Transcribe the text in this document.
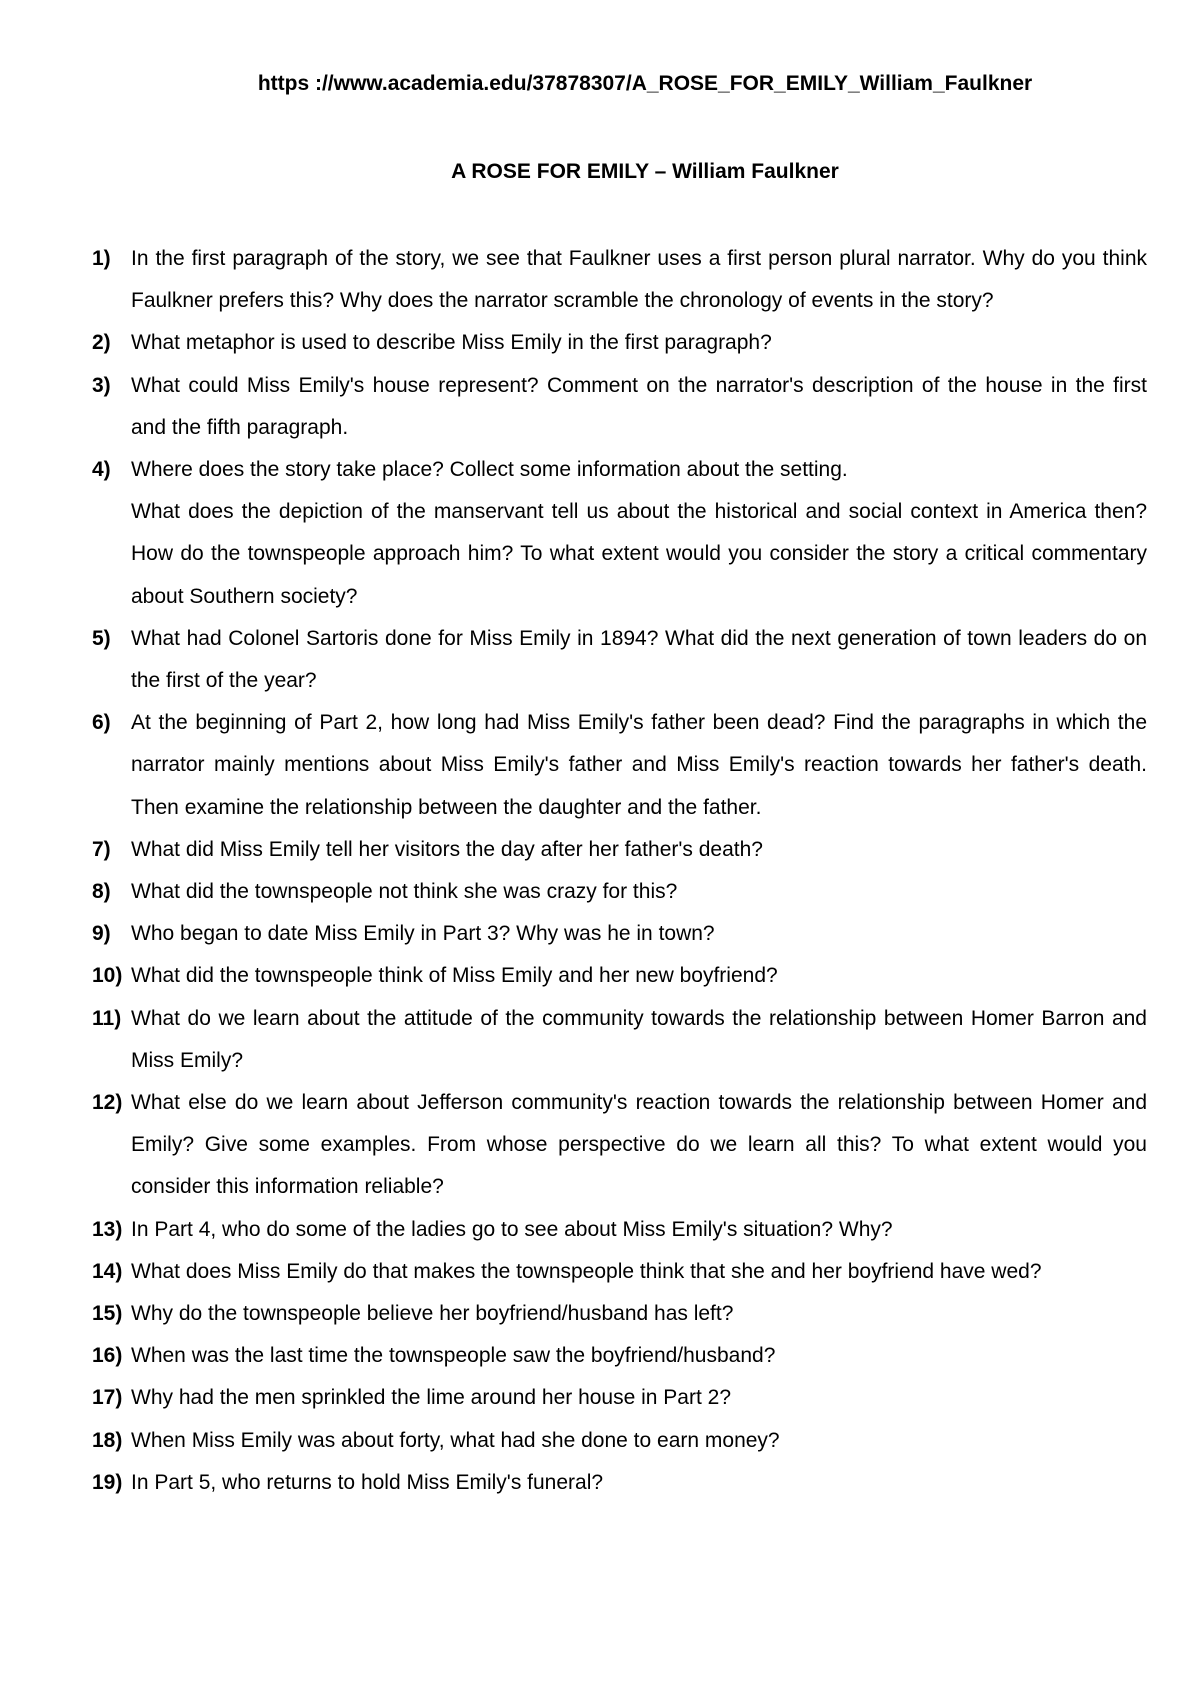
https ://www.academia.edu/37878307/A_ROSE_FOR_EMILY_William_Faulkner

A ROSE FOR EMILY – William Faulkner
1) In the first paragraph of the story, we see that Faulkner uses a first person plural narrator. Why do you think Faulkner prefers this? Why does the narrator scramble the chronology of events in the story?
2) What metaphor is used to describe Miss Emily in the first paragraph?
3) What could Miss Emily's house represent? Comment on the narrator's description of the house in the first and the fifth paragraph.
4) Where does the story take place? Collect some information about the setting.
What does the depiction of the manservant tell us about the historical and social context in America then? How do the townspeople approach him? To what extent would you consider the story a critical commentary about Southern society?
5) What had Colonel Sartoris done for Miss Emily in 1894? What did the next generation of town leaders do on the first of the year?
6) At the beginning of Part 2, how long had Miss Emily's father been dead? Find the paragraphs in which the narrator mainly mentions about Miss Emily's father and Miss Emily's reaction towards her father's death. Then examine the relationship between the daughter and the father.
7) What did Miss Emily tell her visitors the day after her father's death?
8) What did the townspeople not think she was crazy for this?
9) Who began to date Miss Emily in Part 3? Why was he in town?
10) What did the townspeople think of Miss Emily and her new boyfriend?
11) What do we learn about the attitude of the community towards the relationship between Homer Barron and Miss Emily?
12) What else do we learn about Jefferson community's reaction towards the relationship between Homer and Emily? Give some examples. From whose perspective do we learn all this? To what extent would you consider this information reliable?
13) In Part 4, who do some of the ladies go to see about Miss Emily's situation? Why?
14) What does Miss Emily do that makes the townspeople think that she and her boyfriend have wed?
15) Why do the townspeople believe her boyfriend/husband has left?
16) When was the last time the townspeople saw the boyfriend/husband?
17) Why had the men sprinkled the lime around her house in Part 2?
18) When Miss Emily was about forty, what had she done to earn money?
19) In Part 5, who returns to hold Miss Emily's funeral?
